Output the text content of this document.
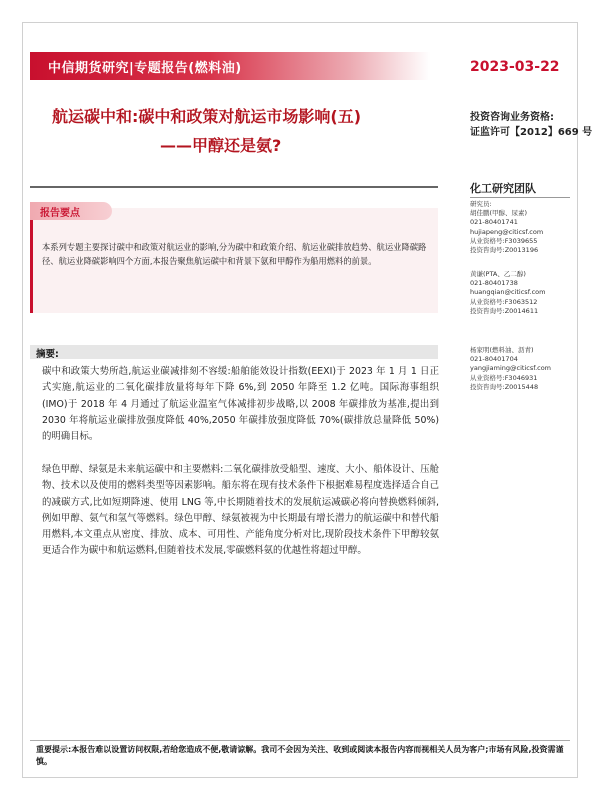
中信期货研究|专题报告(燃料油)	2023-03-22
航运碳中和:碳中和政策对航运市场影响(五)
——甲醇还是氨?
投资咨询业务资格:
证监许可【2012】669 号
化工研究团队
研究员:
胡佳鹏(甲醇、尿素)
021-80401741
hujiapeng@citicsf.com
从业资格号:F3039655
投资咨询号:Z0013196
黄谦(PTA、乙二醇)
021-80401738
huangqian@citicsf.com
从业资格号:F3063512
投资咨询号:Z0014611
杨家明(燃料油、沥青)
021-80401704
yangjiaming@citicsf.com
从业资格号:F3046931
投资咨询号:Z0015448
报告要点
本系列专题主要探讨碳中和政策对航运业的影响,分为碳中和政策介绍、航运业碳排放趋势、航运业降碳路径、航运业降碳影响四个方面,本报告聚焦航运碳中和背景下氨和甲醇作为船用燃料的前景。
摘要:
碳中和政策大势所趋,航运业碳减排刻不容缓:船舶能效设计指数(EEXI)于 2023 年 1 月 1 日正式实施,航运业的二氧化碳排放量将每年下降 6%,到 2050 年降至 1.2 亿吨。国际海事组织(IMO)于 2018 年 4 月通过了航运业温室气体减排初步战略,以 2008 年碳排放为基准,提出到 2030 年将航运业碳排放强度降低 40%,2050 年碳排放强度降低 70%(碳排放总量降低 50%)的明确目标。
绿色甲醇、绿氨是未来航运碳中和主要燃料:二氧化碳排放受船型、速度、大小、船体设计、压舱物、技术以及使用的燃料类型等因素影响。船东将在现有技术条件下根据难易程度选择适合自己的减碳方式,比如短期降速、使用 LNG 等,中长期随着技术的发展航运减碳必将向替换燃料倾斜,例如甲醇、氨气和氢气等燃料。绿色甲醇、绿氨被视为中长期最有增长潜力的航运碳中和替代船用燃料,本文重点从密度、排放、成本、可用性、产能角度分析对比,现阶段技术条件下甲醇较氨更适合作为碳中和航运燃料,但随着技术发展,零碳燃料氨的优越性将超过甲醇。
重要提示:本报告难以设置访问权限,若给您造成不便,敬请谅解。我司不会因为关注、收到或阅读本报告内容而视相关人员为客户;市场有风险,投资需谨慎。
